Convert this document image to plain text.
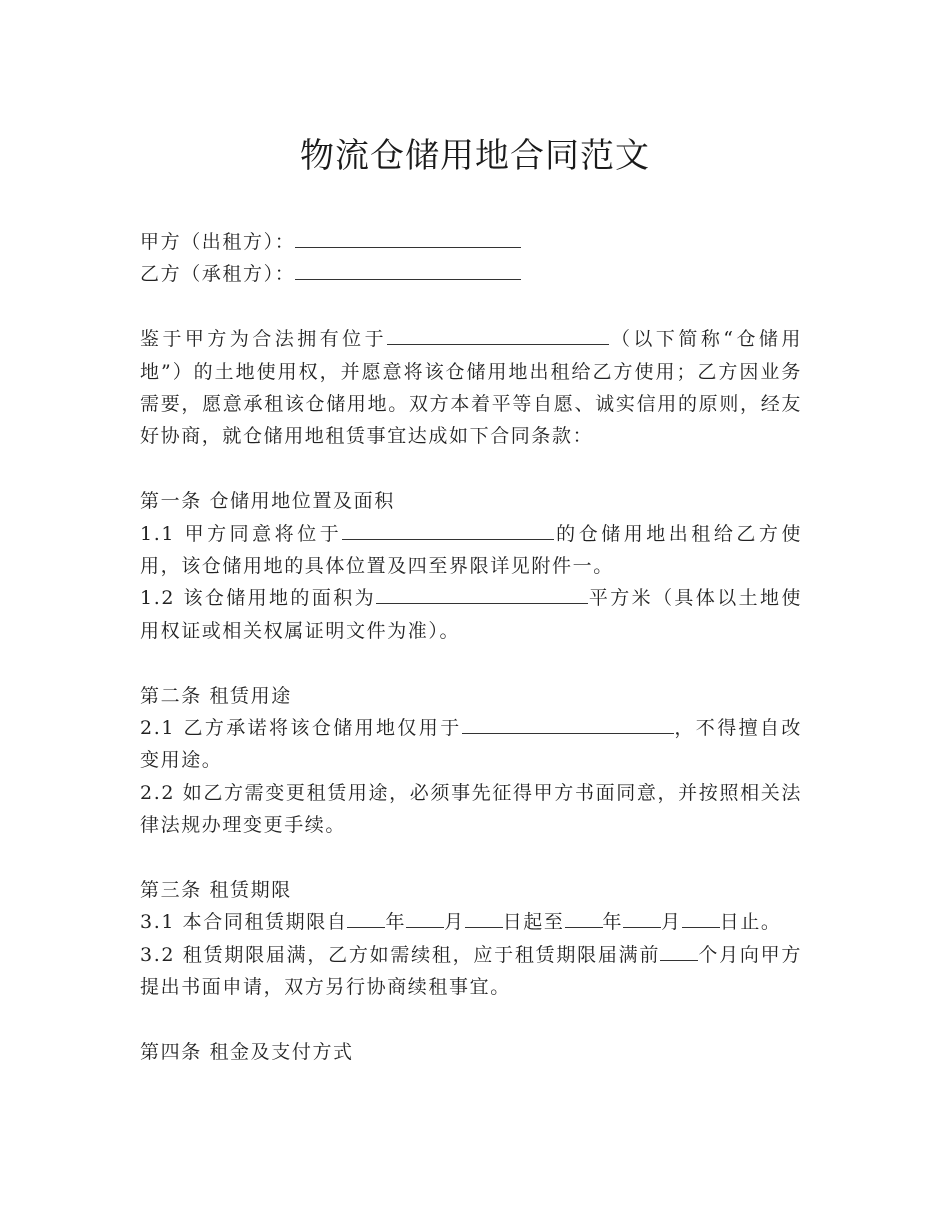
物流仓储用地合同范文

甲方（出租方）：

乙方（承租方）：

鉴于甲方为合法拥有位于	（以下简称“仓储用地”）的土地使用权，并愿意将该仓储用地出租给乙方使用；乙方因业务需要，愿意承租该仓储用地。双方本着平等自愿、诚实信用的原则，经友好协商，就仓储用地租赁事宜达成如下合同条款：

第一条 仓储用地位置及面积

1.1 甲方同意将位于	的仓储用地出租给乙方使用，该仓储用地的具体位置及四至界限详见附件一。

1.2 该仓储用地的面积为	平方米（具体以土地使用权证或相关权属证明文件为准）。

第二条 租赁用途

2.1 乙方承诺将该仓储用地仅用于	，不得擅自改变用途。

2.2 如乙方需变更租赁用途，必须事先征得甲方书面同意，并按照相关法律法规办理变更手续。

第三条 租赁期限

3.1 本合同租赁期限自 年 月 日起至 年 月 日止。

3.2 租赁期限届满，乙方如需续租，应于租赁期限届满前 个月向甲方提出书面申请，双方另行协商续租事宜。

第四条 租金及支付方式
